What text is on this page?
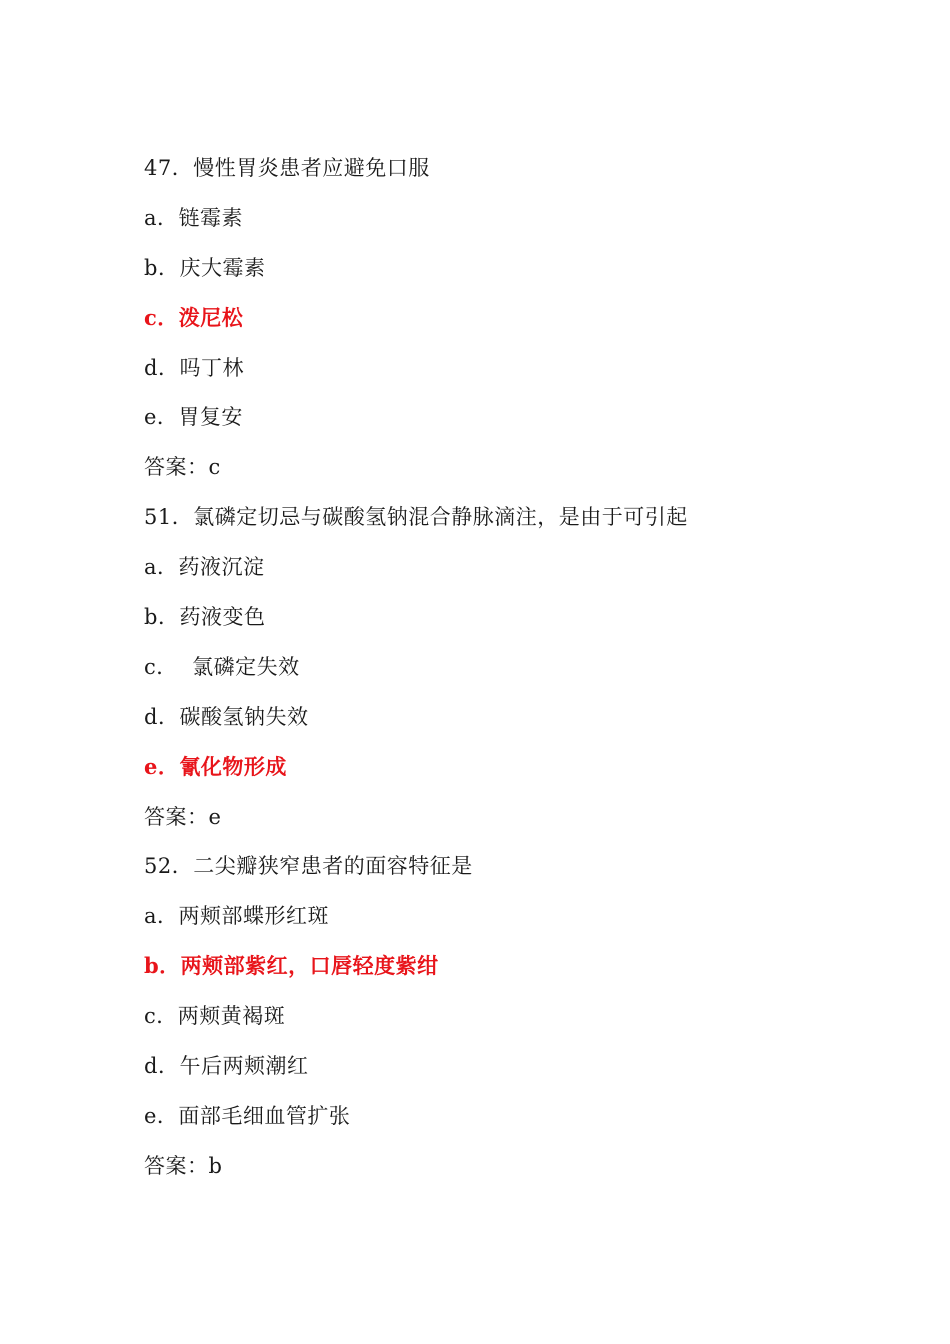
47．慢性胃炎患者应避免口服
a．链霉素
b．庆大霉素
c．泼尼松
d．吗丁林
e．胃复安
答案：c
51．氯磷定切忌与碳酸氢钠混合静脉滴注，是由于可引起
a．药液沉淀
b．药液变色
c．  氯磷定失效
d．碳酸氢钠失效
e．氰化物形成
答案：e
52．二尖瓣狭窄患者的面容特征是
a．两颊部蝶形红斑
b．两颊部紫红，口唇轻度紫绀
c．两颊黄褐斑
d．午后两颊潮红
e．面部毛细血管扩张
答案：b
